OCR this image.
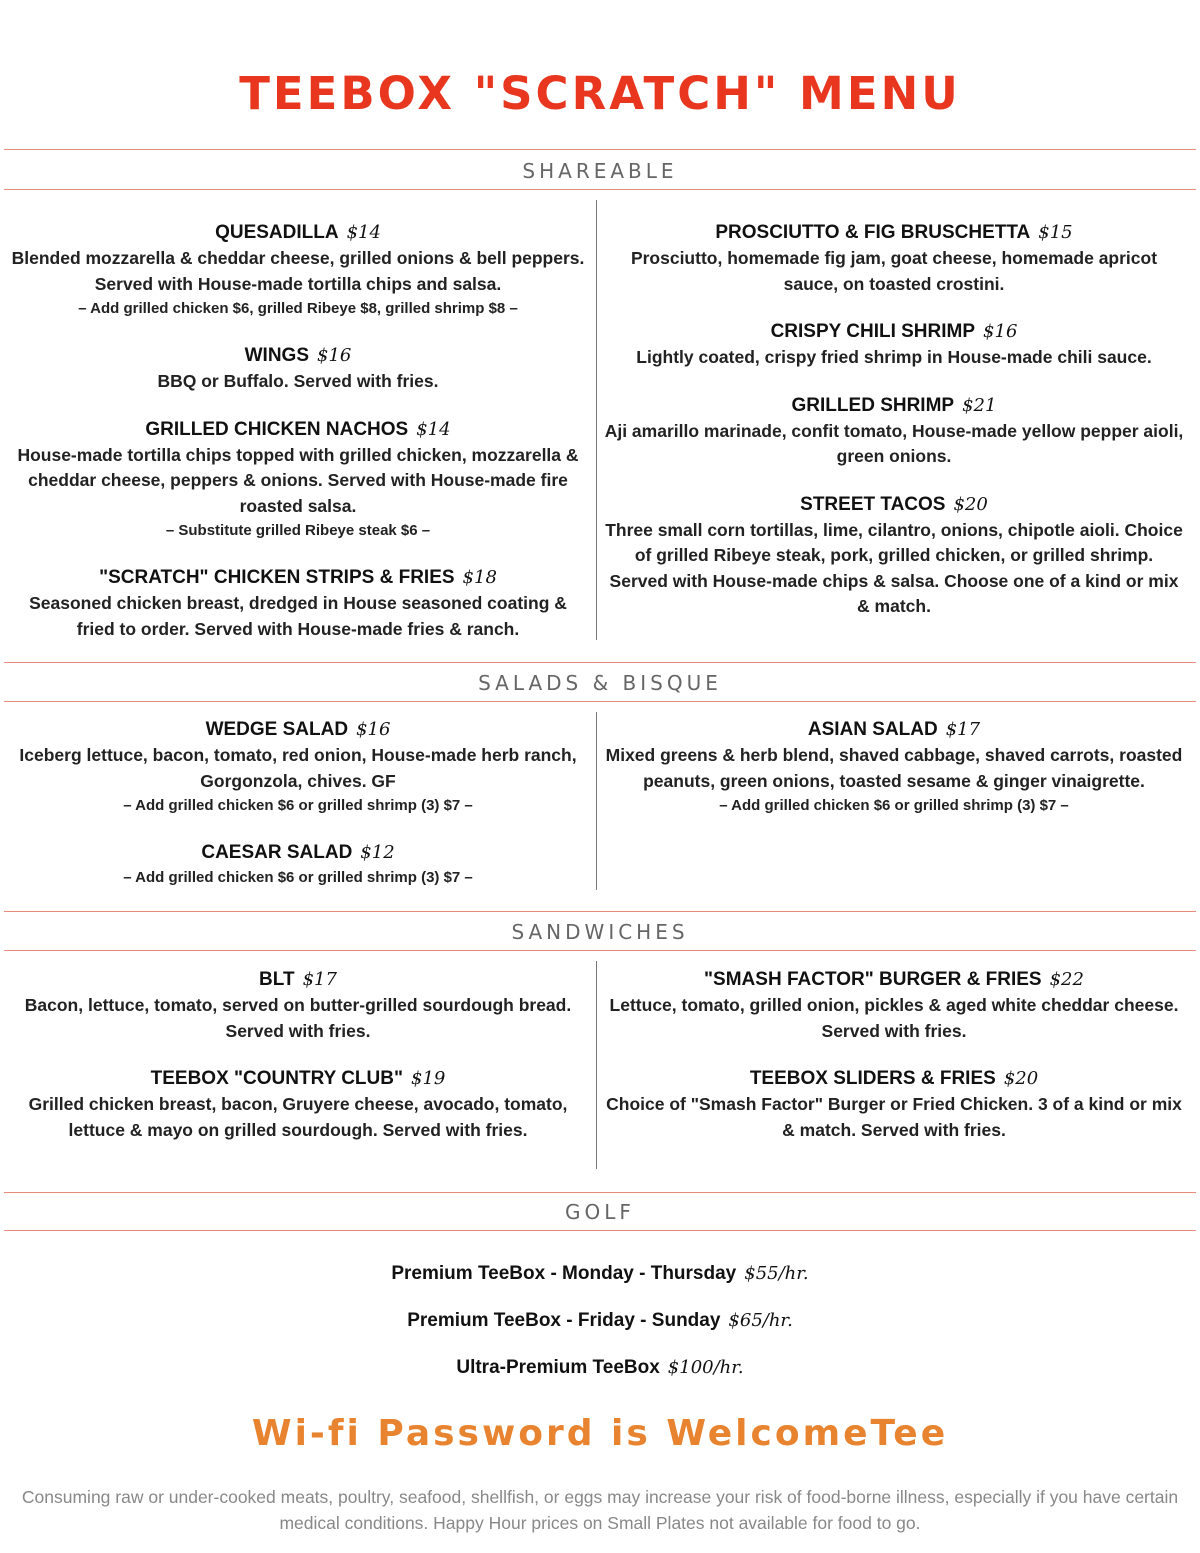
TEEBOX "SCRATCH" MENU
SHAREABLE
QUESADILLA $14
Blended mozzarella & cheddar cheese, grilled onions & bell peppers. Served with House-made tortilla chips and salsa.
– Add grilled chicken $6, grilled Ribeye $8, grilled shrimp $8 –
WINGS $16
BBQ or Buffalo. Served with fries.
GRILLED CHICKEN NACHOS $14
House-made tortilla chips topped with grilled chicken, mozzarella & cheddar cheese, peppers & onions. Served with House-made fire roasted salsa.
– Substitute grilled Ribeye steak $6 –
"SCRATCH" CHICKEN STRIPS & FRIES $18
Seasoned chicken breast, dredged in House seasoned coating & fried to order. Served with House-made fries & ranch.
PROSCIUTTO & FIG BRUSCHETTA $15
Prosciutto, homemade fig jam, goat cheese, homemade apricot sauce, on toasted crostini.
CRISPY CHILI SHRIMP $16
Lightly coated, crispy fried shrimp in House-made chili sauce.
GRILLED SHRIMP $21
Aji amarillo marinade, confit tomato, House-made yellow pepper aioli, green onions.
STREET TACOS $20
Three small corn tortillas, lime, cilantro, onions, chipotle aioli. Choice of grilled Ribeye steak, pork, grilled chicken, or grilled shrimp. Served with House-made chips & salsa. Choose one of a kind or mix & match.
SALADS & BISQUE
WEDGE SALAD $16
Iceberg lettuce, bacon, tomato, red onion, House-made herb ranch, Gorgonzola, chives. GF
– Add grilled chicken $6 or grilled shrimp (3) $7 –
CAESAR SALAD $12
– Add grilled chicken $6 or grilled shrimp (3) $7 –
ASIAN SALAD $17
Mixed greens & herb blend, shaved cabbage, shaved carrots, roasted peanuts, green onions, toasted sesame & ginger vinaigrette.
– Add grilled chicken $6 or grilled shrimp (3) $7 –
SANDWICHES
BLT $17
Bacon, lettuce, tomato, served on butter-grilled sourdough bread. Served with fries.
TEEBOX "COUNTRY CLUB" $19
Grilled chicken breast, bacon, Gruyere cheese, avocado, tomato, lettuce & mayo on grilled sourdough. Served with fries.
"SMASH FACTOR" BURGER & FRIES $22
Lettuce, tomato, grilled onion, pickles & aged white cheddar cheese. Served with fries.
TEEBOX SLIDERS & FRIES $20
Choice of "Smash Factor" Burger or Fried Chicken. 3 of a kind or mix & match. Served with fries.
GOLF
Premium TeeBox - Monday - Thursday $55/hr.
Premium TeeBox - Friday - Sunday $65/hr.
Ultra-Premium TeeBox $100/hr.
Wi-fi Password is WelcomeTee
Consuming raw or under-cooked meats, poultry, seafood, shellfish, or eggs may increase your risk of food-borne illness, especially if you have certain medical conditions. Happy Hour prices on Small Plates not available for food to go.
